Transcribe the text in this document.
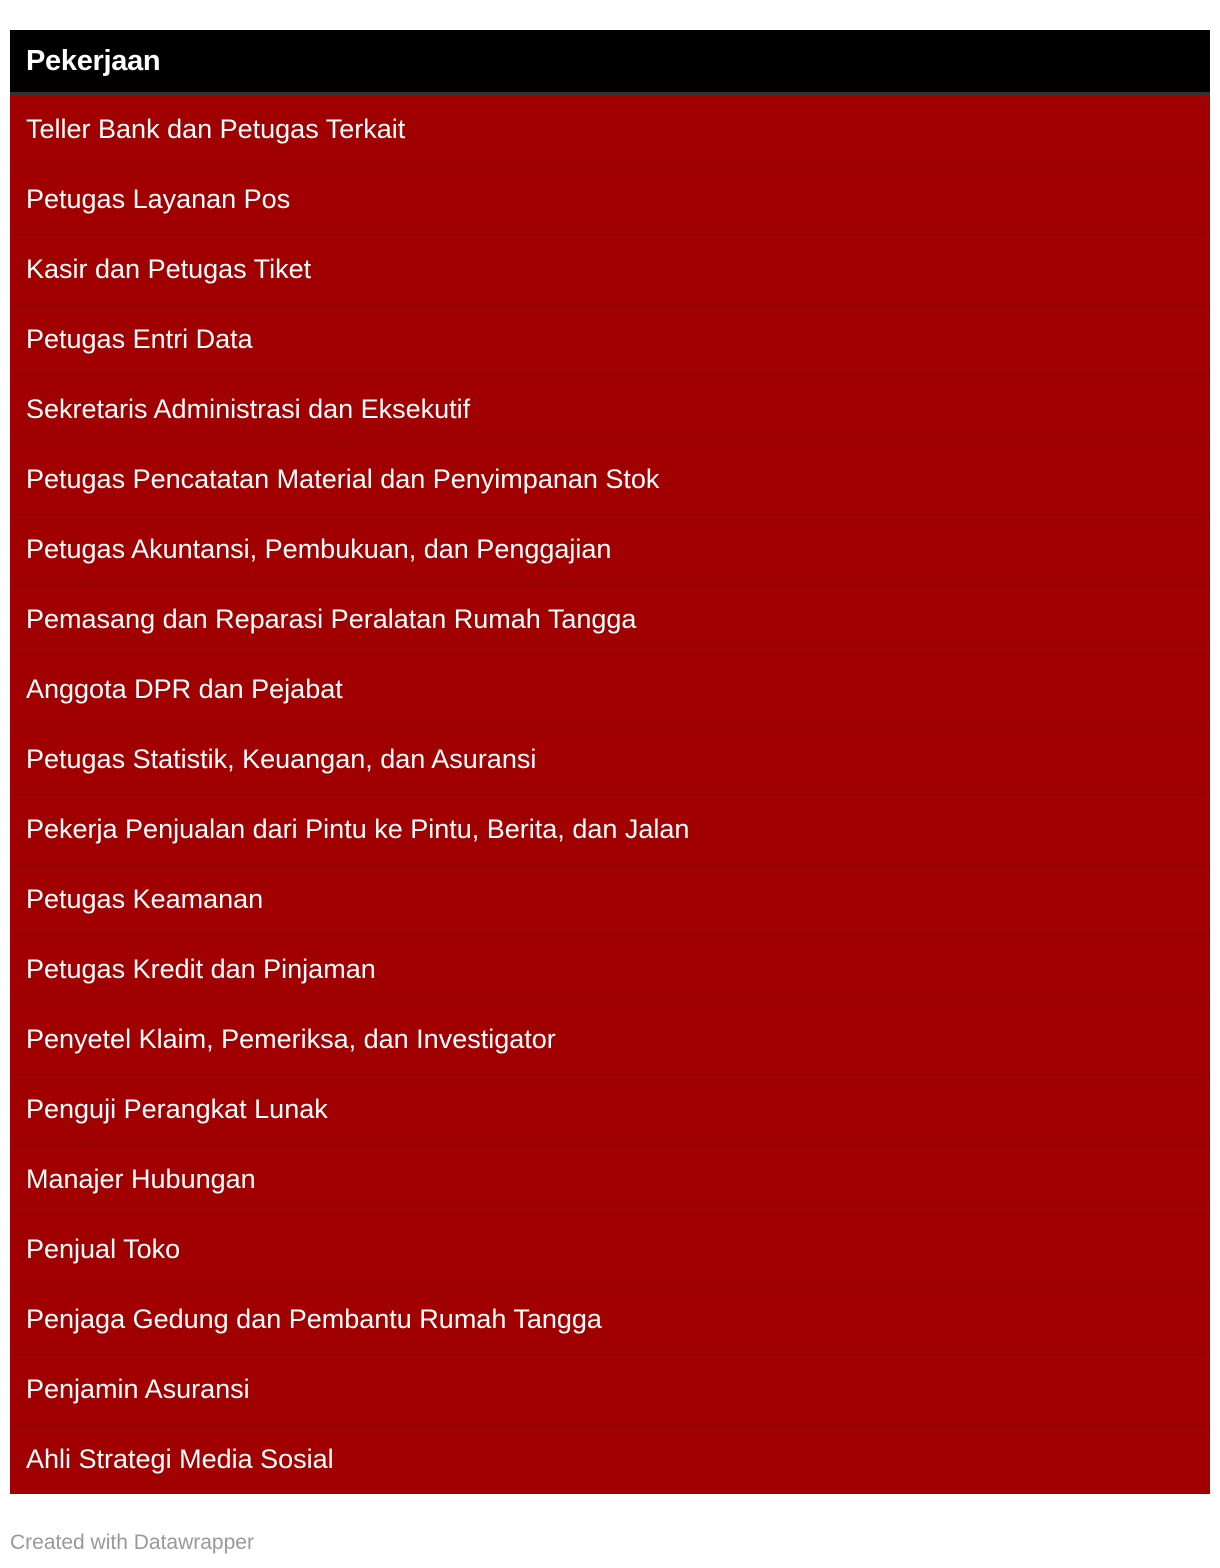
Pekerjaan
Teller Bank dan Petugas Terkait
Petugas Layanan Pos
Kasir dan Petugas Tiket
Petugas Entri Data
Sekretaris Administrasi dan Eksekutif
Petugas Pencatatan Material dan Penyimpanan Stok
Petugas Akuntansi, Pembukuan, dan Penggajian
Pemasang dan Reparasi Peralatan Rumah Tangga
Anggota DPR dan Pejabat
Petugas Statistik, Keuangan, dan Asuransi
Pekerja Penjualan dari Pintu ke Pintu, Berita, dan Jalan
Petugas Keamanan
Petugas Kredit dan Pinjaman
Penyetel Klaim, Pemeriksa, dan Investigator
Penguji Perangkat Lunak
Manajer Hubungan
Penjual Toko
Penjaga Gedung dan Pembantu Rumah Tangga
Penjamin Asuransi
Ahli Strategi Media Sosial
Created with Datawrapper
